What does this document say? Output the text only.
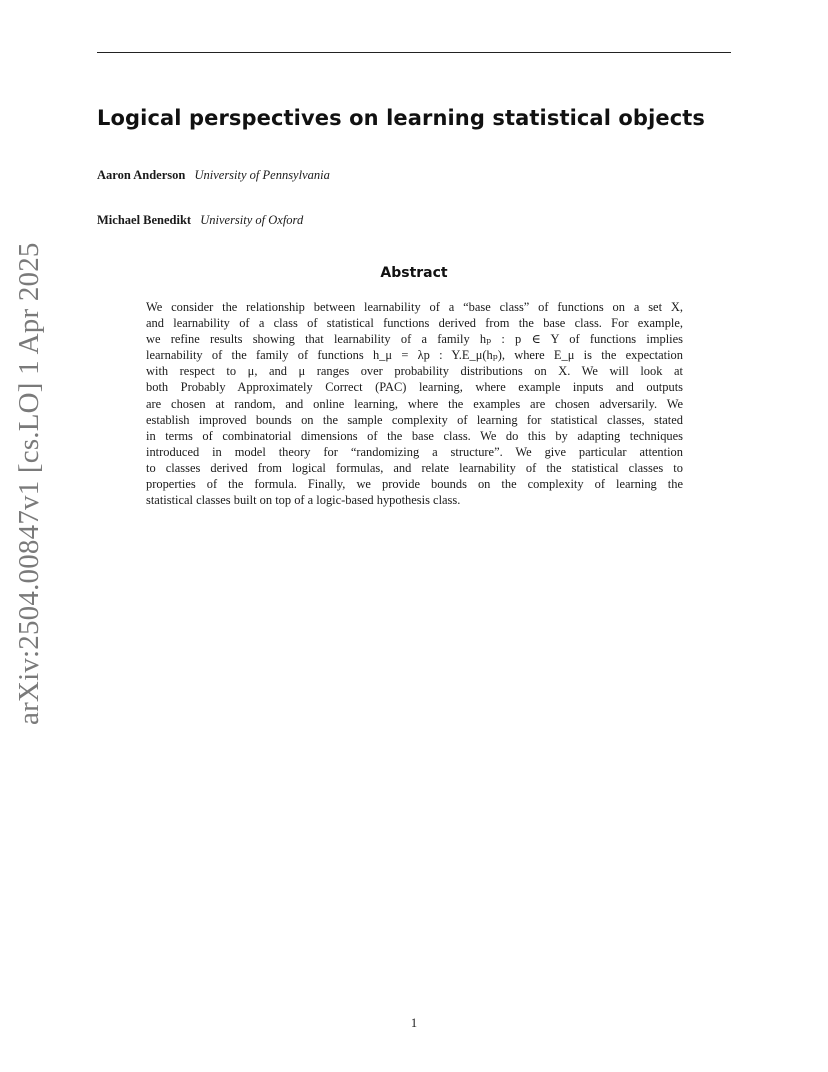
Logical perspectives on learning statistical objects
Aaron Anderson University of Pennsylvania
Michael Benedikt University of Oxford
arXiv:2504.00847v1 [cs.LO] 1 Apr 2025	Abstract
We consider the relationship between learnability of a “base class” of functions on a set X,
and learnability of a class of statistical functions derived from the base class. For example,
we refine results showing that learnability of a family hₚ : p ∈ Y of functions implies
learnability of the family of functions h_μ = λp : Y.E_μ(hₚ), where E_μ is the expectation
with respect to μ, and μ ranges over probability distributions on X. We will look at
both Probably Approximately Correct (PAC) learning, where example inputs and outputs
are chosen at random, and online learning, where the examples are chosen adversarily. We
establish improved bounds on the sample complexity of learning for statistical classes, stated
in terms of combinatorial dimensions of the base class. We do this by adapting techniques
introduced in model theory for “randomizing a structure”. We give particular attention
to classes derived from logical formulas, and relate learnability of the statistical classes to
properties of the formula. Finally, we provide bounds on the complexity of learning the
statistical classes built on top of a logic-based hypothesis class.
1
